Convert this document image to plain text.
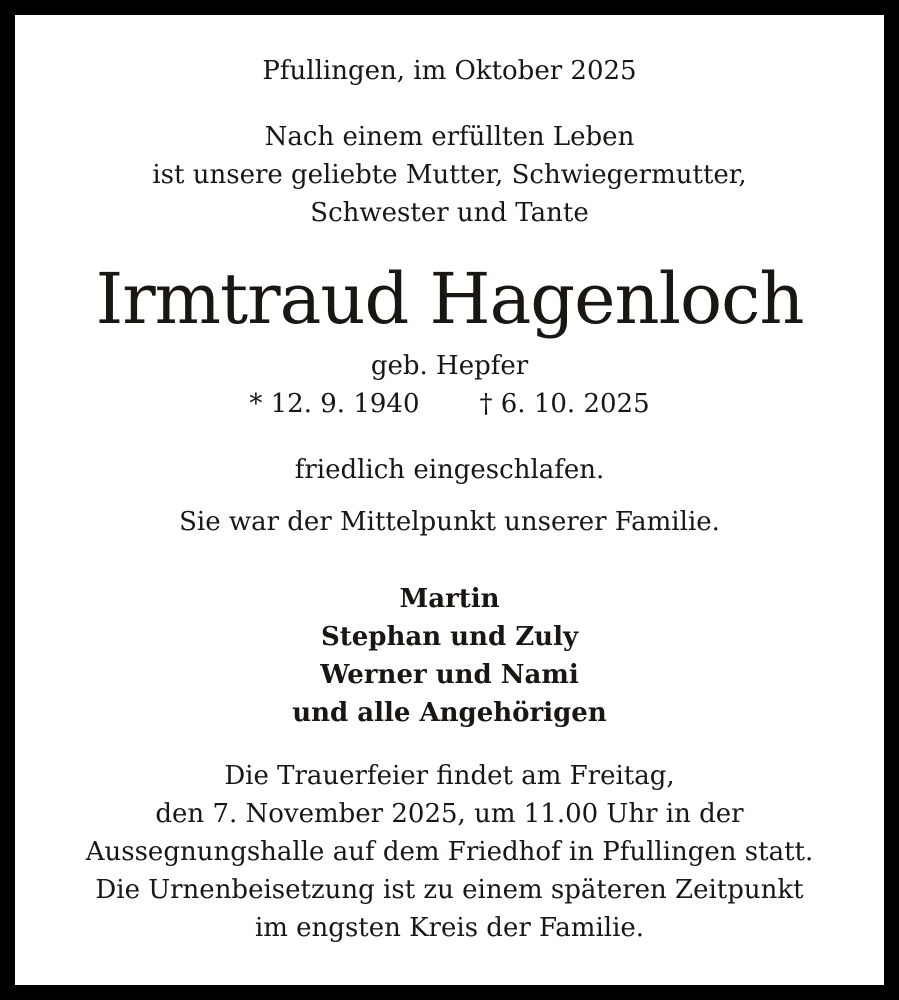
Pfullingen, im Oktober 2025
Nach einem erfüllten Leben
ist unsere geliebte Mutter, Schwiegermutter,
Schwester und Tante
Irmtraud Hagenloch
geb. Hepfer
* 12. 9. 1940 † 6. 10. 2025
friedlich eingeschlafen.
Sie war der Mittelpunkt unserer Familie.
Martin
Stephan und Zuly
Werner und Nami
und alle Angehörigen
Die Trauerfeier findet am Freitag,
den 7. November 2025, um 11.00 Uhr in der
Aussegnungshalle auf dem Friedhof in Pfullingen statt.
Die Urnenbeisetzung ist zu einem späteren Zeitpunkt
im engsten Kreis der Familie.
